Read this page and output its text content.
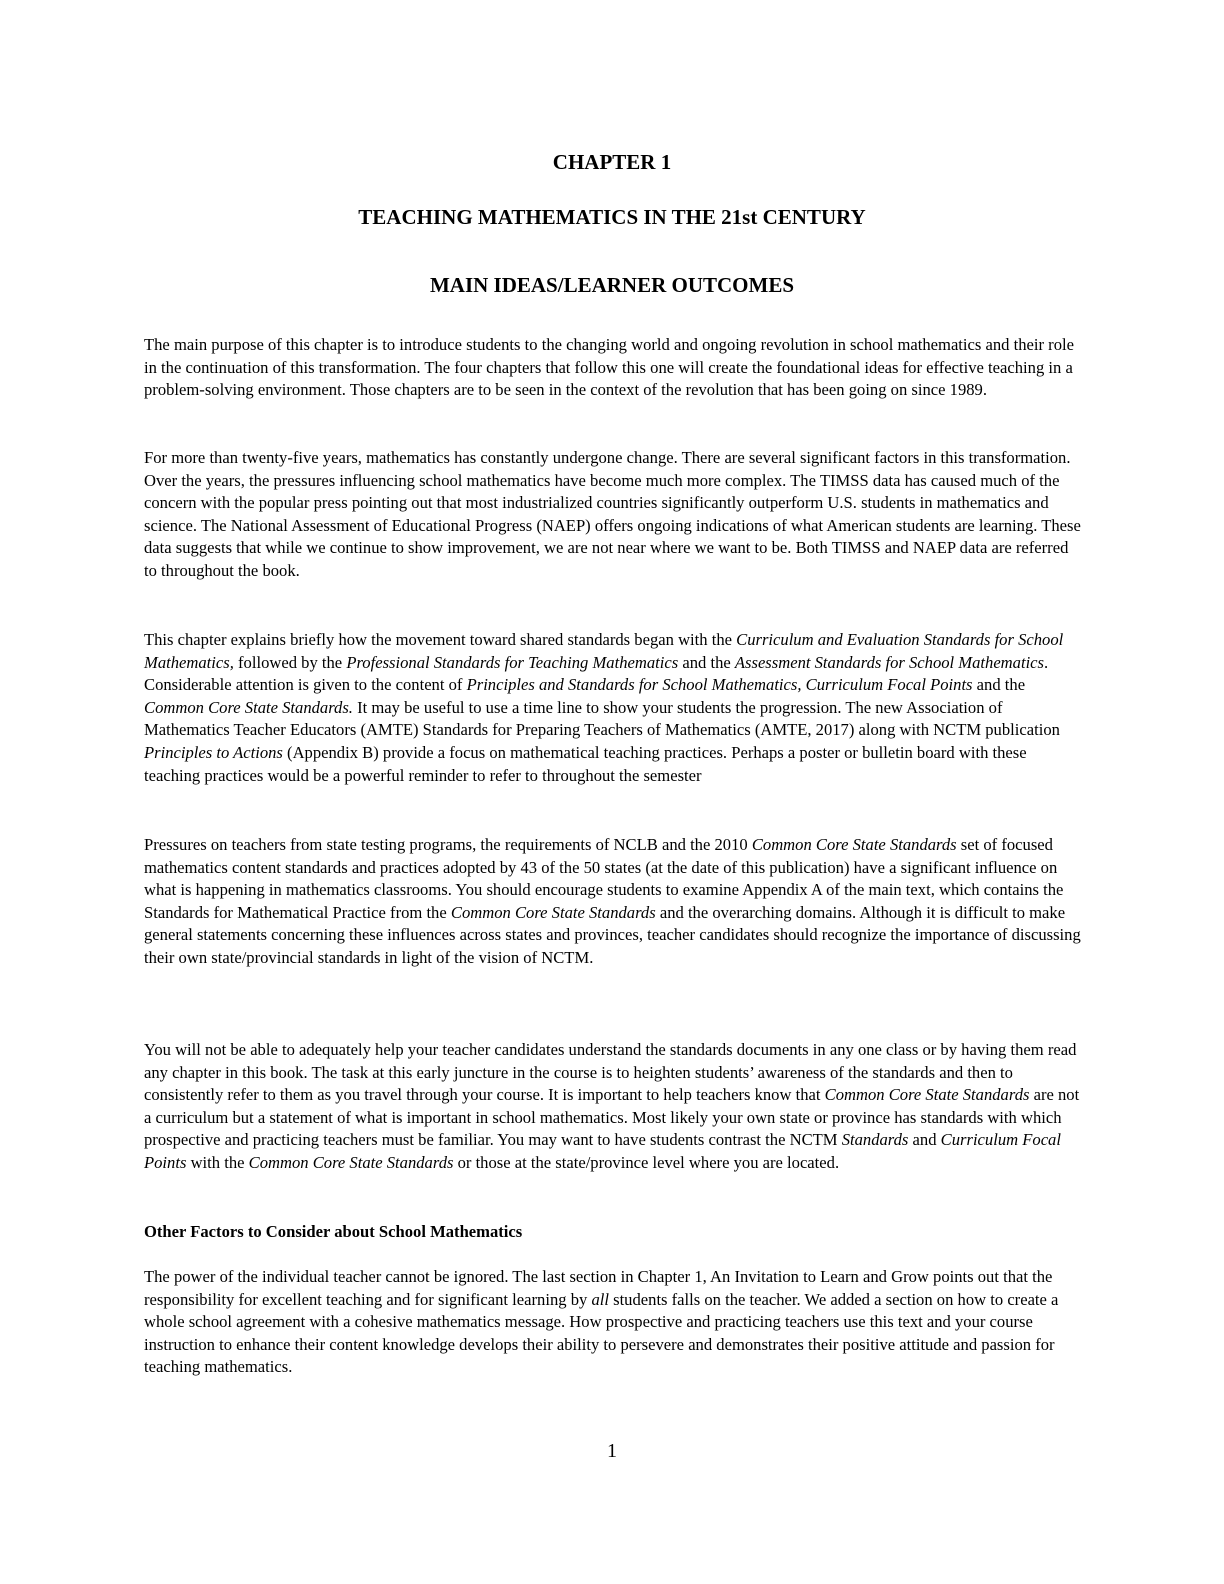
CHAPTER 1
TEACHING MATHEMATICS IN THE 21st CENTURY
MAIN IDEAS/LEARNER OUTCOMES

The main purpose of this chapter is to introduce students to the changing world and ongoing revolution in school mathematics and their role in the continuation of this transformation. The four chapters that follow this one will create the foundational ideas for effective teaching in a problem-solving environment. Those chapters are to be seen in the context of the revolution that has been going on since 1989.

For more than twenty-five years, mathematics has constantly undergone change. There are several significant factors in this transformation. Over the years, the pressures influencing school mathematics have become much more complex. The TIMSS data has caused much of the concern with the popular press pointing out that most industrialized countries significantly outperform U.S. students in mathematics and science. The National Assessment of Educational Progress (NAEP) offers ongoing indications of what American students are learning. These data suggests that while we continue to show improvement, we are not near where we want to be. Both TIMSS and NAEP data are referred to throughout the book.

This chapter explains briefly how the movement toward shared standards began with the Curriculum and Evaluation Standards for School Mathematics, followed by the Professional Standards for Teaching Mathematics and the Assessment Standards for School Mathematics. Considerable attention is given to the content of Principles and Standards for School Mathematics, Curriculum Focal Points and the Common Core State Standards. It may be useful to use a time line to show your students the progression. The new Association of Mathematics Teacher Educators (AMTE) Standards for Preparing Teachers of Mathematics (AMTE, 2017) along with NCTM publication Principles to Actions (Appendix B) provide a focus on mathematical teaching practices. Perhaps a poster or bulletin board with these teaching practices would be a powerful reminder to refer to throughout the semester

Pressures on teachers from state testing programs, the requirements of NCLB and the 2010 Common Core State Standards set of focused mathematics content standards and practices adopted by 43 of the 50 states (at the date of this publication) have a significant influence on what is happening in mathematics classrooms. You should encourage students to examine Appendix A of the main text, which contains the Standards for Mathematical Practice from the Common Core State Standards and the overarching domains. Although it is difficult to make general statements concerning these influences across states and provinces, teacher candidates should recognize the importance of discussing their own state/provincial standards in light of the vision of NCTM.

You will not be able to adequately help your teacher candidates understand the standards documents in any one class or by having them read any chapter in this book. The task at this early juncture in the course is to heighten students’ awareness of the standards and then to consistently refer to them as you travel through your course. It is important to help teachers know that Common Core State Standards are not a curriculum but a statement of what is important in school mathematics. Most likely your own state or province has standards with which prospective and practicing teachers must be familiar. You may want to have students contrast the NCTM Standards and Curriculum Focal Points with the Common Core State Standards or those at the state/province level where you are located.

Other Factors to Consider about School Mathematics

The power of the individual teacher cannot be ignored. The last section in Chapter 1, An Invitation to Learn and Grow points out that the responsibility for excellent teaching and for significant learning by all students falls on the teacher. We added a section on how to create a whole school agreement with a cohesive mathematics message. How prospective and practicing teachers use this text and your course instruction to enhance their content knowledge develops their ability to persevere and demonstrates their positive attitude and passion for teaching mathematics.

1
